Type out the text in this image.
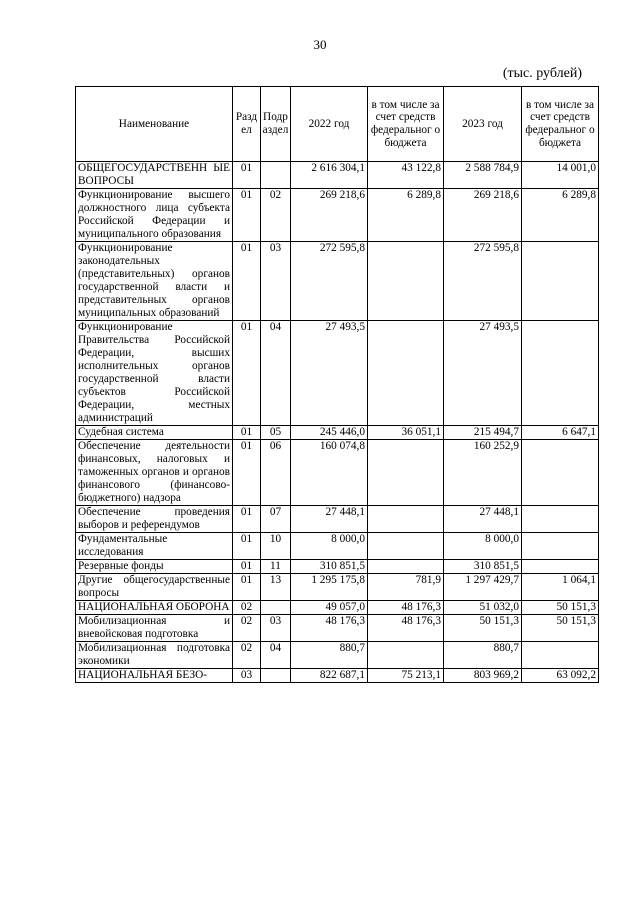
30
(тыс. рублей)
Наименование	Разд ел	Подр аздел	2022 год	в том числе за счет средств федеральног о бюджета	2023 год	в том числе за счет средств федеральног о бюджета
ОБЩЕГОСУДАРСТВЕНН ЫЕ ВОПРОСЫ	01		2 616 304,1	43 122,8	2 588 784,9	14 001,0
Функционирование высшего должностного лица субъекта Российской Федерации и муниципального образования	01	02	269 218,6	6 289,8	269 218,6	6 289,8
Функционирование законодательных (представительных) органов государственной власти и представительных органов муниципальных образований	01	03	272 595,8		272 595,8	
Функционирование Правительства Российской Федерации, высших исполнительных органов государственной власти субъектов Российской Федерации, местных администраций	01	04	27 493,5		27 493,5	
Судебная система	01	05	245 446,0	36 051,1	215 494,7	6 647,1
Обеспечение деятельности финансовых, налоговых и таможенных органов и органов финансового (финансово-бюджетного) надзора	01	06	160 074,8		160 252,9	
Обеспечение проведения выборов и референдумов	01	07	27 448,1		27 448,1	
Фундаментальные исследования	01	10	8 000,0		8 000,0	
Резервные фонды	01	11	310 851,5		310 851,5	
Другие общегосударственные вопросы	01	13	1 295 175,8	781,9	1 297 429,7	1 064,1
НАЦИОНАЛЬНАЯ ОБОРОНА	02		49 057,0	48 176,3	51 032,0	50 151,3
Мобилизационная и вневойсковая подготовка	02	03	48 176,3	48 176,3	50 151,3	50 151,3
Мобилизационная подготовка экономики	02	04	880,7		880,7	
НАЦИОНАЛЬНАЯ БЕЗО-	03		822 687,1	75 213,1	803 969,2	63 092,2
